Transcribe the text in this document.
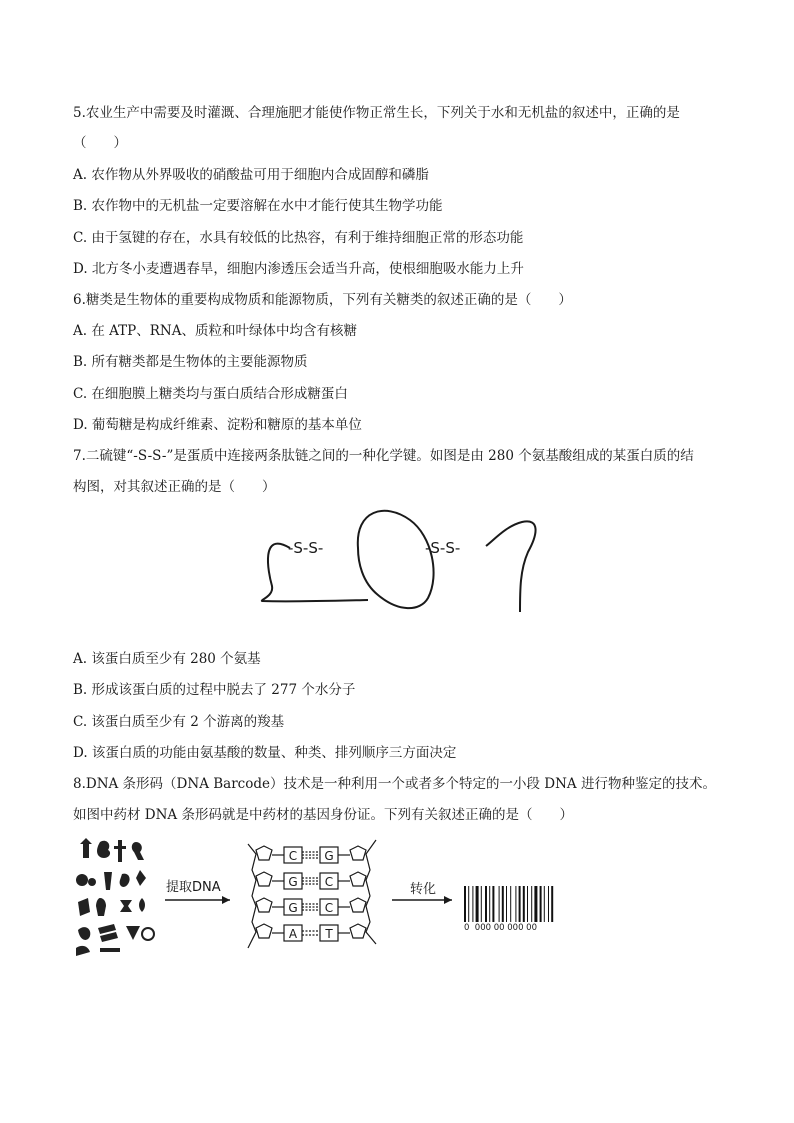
5.农业生产中需要及时灌溉、合理施肥才能使作物正常生长，下列关于水和无机盐的叙述中，正确的是
（　　）
A. 农作物从外界吸收的硝酸盐可用于细胞内合成固醇和磷脂
B. 农作物中的无机盐一定要溶解在水中才能行使其生物学功能
C. 由于氢键的存在，水具有较低的比热容，有利于维持细胞正常的形态功能
D. 北方冬小麦遭遇春旱，细胞内渗透压会适当升高，使根细胞吸水能力上升
6.糖类是生物体的重要构成物质和能源物质，下列有关糖类的叙述正确的是（　　）
A. 在 ATP、RNA、质粒和叶绿体中均含有核糖
B. 所有糖类都是生物体的主要能源物质
C. 在细胞膜上糖类均与蛋白质结合形成糖蛋白
D. 葡萄糖是构成纤维素、淀粉和糖原的基本单位
7.二硫键“-S-S-”是蛋质中连接两条肽链之间的一种化学键。如图是由 280 个氨基酸组成的某蛋白质的结
构图，对其叙述正确的是（　　）
-S-S-	-S-S-
A. 该蛋白质至少有 280 个氨基
B. 形成该蛋白质的过程中脱去了 277 个水分子
C. 该蛋白质至少有 2 个游离的羧基
D. 该蛋白质的功能由氨基酸的数量、种类、排列顺序三方面决定
8.DNA 条形码（DNA Barcode）技术是一种利用一个或者多个特定的一小段 DNA 进行物种鉴定的技术。
如图中药材 DNA 条形码就是中药材的基因身份证。下列有关叙述正确的是（　　）
提取DNA
C G
G C
G C
A T
转化
0  000 00 000 00
